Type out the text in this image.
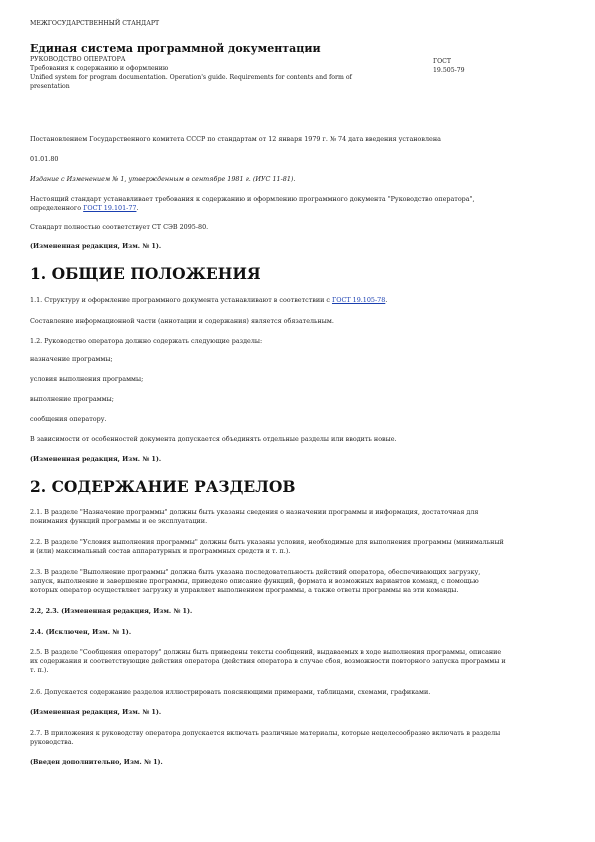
МЕЖГОСУДАРСТВЕННЫЙ СТАНДАРТ
Единая система программной документации
РУКОВОДСТВО ОПЕРАТОРА
Требования к содержанию и оформлению
Unified system for program documentation. Operation's guide. Requirements for contents and form of
presentation
ГОСТ
19.505-79
Постановлением Государственного комитета СССР по стандартам от 12 января 1979 г. № 74 дата введения установлена
01.01.80
Издание с Изменением № 1, утвержденным в сентябре 1981 г. (ИУС 11-81).
Настоящий стандарт устанавливает требования к содержанию и оформлению программного документа "Руководство оператора",
определенного ГОСТ 19.101-77.
Стандарт полностью соответствует СТ СЭВ 2095-80.
(Измененная редакция, Изм. № 1).
1. ОБЩИЕ ПОЛОЖЕНИЯ
1.1. Структуру и оформление программного документа устанавливают в соответствии с ГОСТ 19.105-78.
Составление информационной части (аннотации и содержания) является обязательным.
1.2. Руководство оператора должно содержать следующие разделы:
назначение программы;
условия выполнения программы;
выполнение программы;
сообщения оператору.
В зависимости от особенностей документа допускается объединять отдельные разделы или вводить новые.
(Измененная редакция, Изм. № 1).
2. СОДЕРЖАНИЕ РАЗДЕЛОВ
2.1. В разделе "Назначение программы" должны быть указаны сведения о назначении программы и информация, достаточная для
понимания функций программы и ее эксплуатации.
2.2. В разделе "Условия выполнения программы" должны быть указаны условия, необходимые для выполнения программы (минимальный
и (или) максимальный состав аппаратурных и программных средств и т. п.).
2.3. В разделе "Выполнение программы" должна быть указана последовательность действий оператора, обеспечивающих загрузку,
запуск, выполнение и завершение программы, приведено описание функций, формата и возможных вариантов команд, с помощью
которых оператор осуществляет загрузку и управляет выполнением программы, а также ответы программы на эти команды.
2.2, 2.3. (Измененная редакция, Изм. № 1).
2.4. (Исключен, Изм. № 1).
2.5. В разделе "Сообщения оператору" должны быть приведены тексты сообщений, выдаваемых в ходе выполнения программы, описание
их содержания и соответствующие действия оператора (действия оператора в случае сбоя, возможности повторного запуска программы и
т. п.).
2.6. Допускается содержание разделов иллюстрировать поясняющими примерами, таблицами, схемами, графиками.
(Измененная редакция, Изм. № 1).
2.7. В приложения к руководству оператора допускается включать различные материалы, которые нецелесообразно включать в разделы
руководства.
(Введен дополнительно, Изм. № 1).
